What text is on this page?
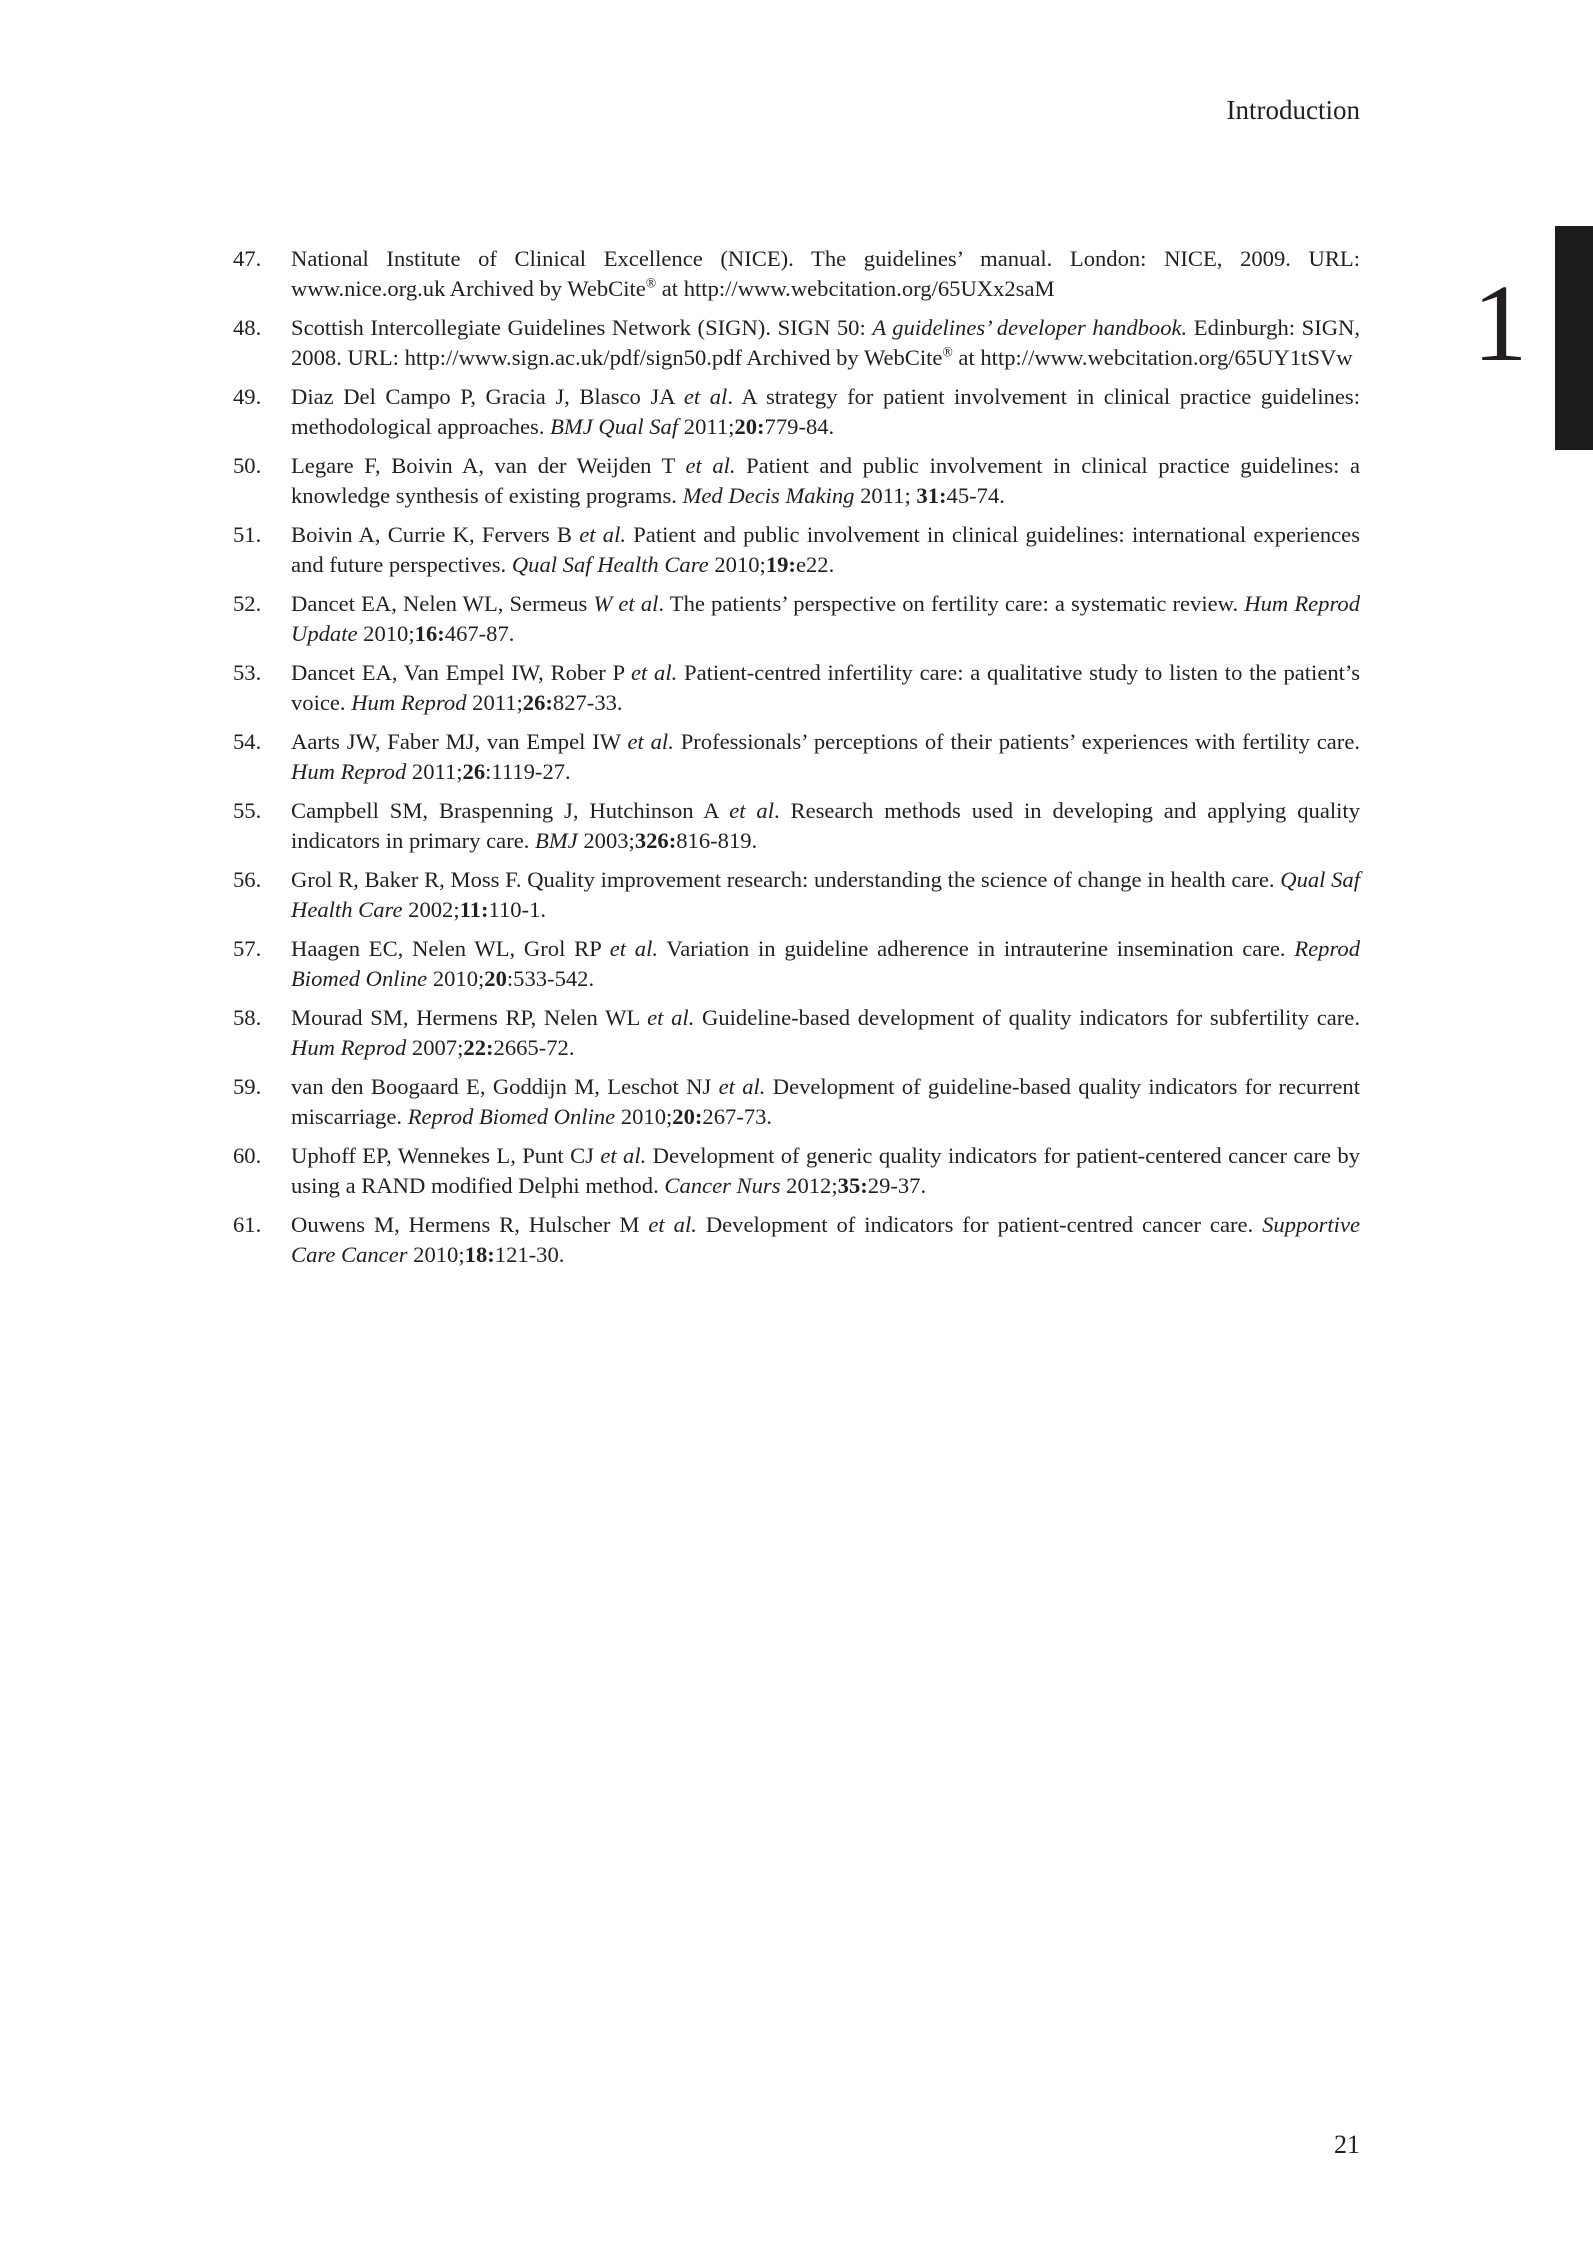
Introduction
1
47. National Institute of Clinical Excellence (NICE). The guidelines’ manual. London: NICE, 2009. URL: www.nice.org.uk Archived by WebCite® at http://www.webcitation.org/65UXx2saM
48. Scottish Intercollegiate Guidelines Network (SIGN). SIGN 50: A guidelines’ developer handbook. Edinburgh: SIGN, 2008. URL: http://www.sign.ac.uk/pdf/sign50.pdf Archived by WebCite® at http://www.webcitation.org/65UY1tSVw
49. Diaz Del Campo P, Gracia J, Blasco JA et al. A strategy for patient involvement in clinical practice guidelines: methodological approaches. BMJ Qual Saf 2011;20:779-84.
50. Legare F, Boivin A, van der Weijden T et al. Patient and public involvement in clinical practice guidelines: a knowledge synthesis of existing programs. Med Decis Making 2011; 31:45-74.
51. Boivin A, Currie K, Fervers B et al. Patient and public involvement in clinical guidelines: international experiences and future perspectives. Qual Saf Health Care 2010;19:e22.
52. Dancet EA, Nelen WL, Sermeus W et al. The patients’ perspective on fertility care: a systematic review. Hum Reprod Update 2010;16:467-87.
53. Dancet EA, Van Empel IW, Rober P et al. Patient-centred infertility care: a qualitative study to listen to the patient’s voice. Hum Reprod 2011;26:827-33.
54. Aarts JW, Faber MJ, van Empel IW et al. Professionals’ perceptions of their patients’ experiences with fertility care. Hum Reprod 2011;26:1119-27.
55. Campbell SM, Braspenning J, Hutchinson A et al. Research methods used in developing and applying quality indicators in primary care. BMJ 2003;326:816-819.
56. Grol R, Baker R, Moss F. Quality improvement research: understanding the science of change in health care. Qual Saf Health Care 2002;11:110-1.
57. Haagen EC, Nelen WL, Grol RP et al. Variation in guideline adherence in intrauterine insemination care. Reprod Biomed Online 2010;20:533-542.
58. Mourad SM, Hermens RP, Nelen WL et al. Guideline-based development of quality indicators for subfertility care. Hum Reprod 2007;22:2665-72.
59. van den Boogaard E, Goddijn M, Leschot NJ et al. Development of guideline-based quality indicators for recurrent miscarriage. Reprod Biomed Online 2010;20:267-73.
60. Uphoff EP, Wennekes L, Punt CJ et al. Development of generic quality indicators for patient-centered cancer care by using a RAND modified Delphi method. Cancer Nurs 2012;35:29-37.
61. Ouwens M, Hermens R, Hulscher M et al. Development of indicators for patient-centred cancer care. Supportive Care Cancer 2010;18:121-30.
21
